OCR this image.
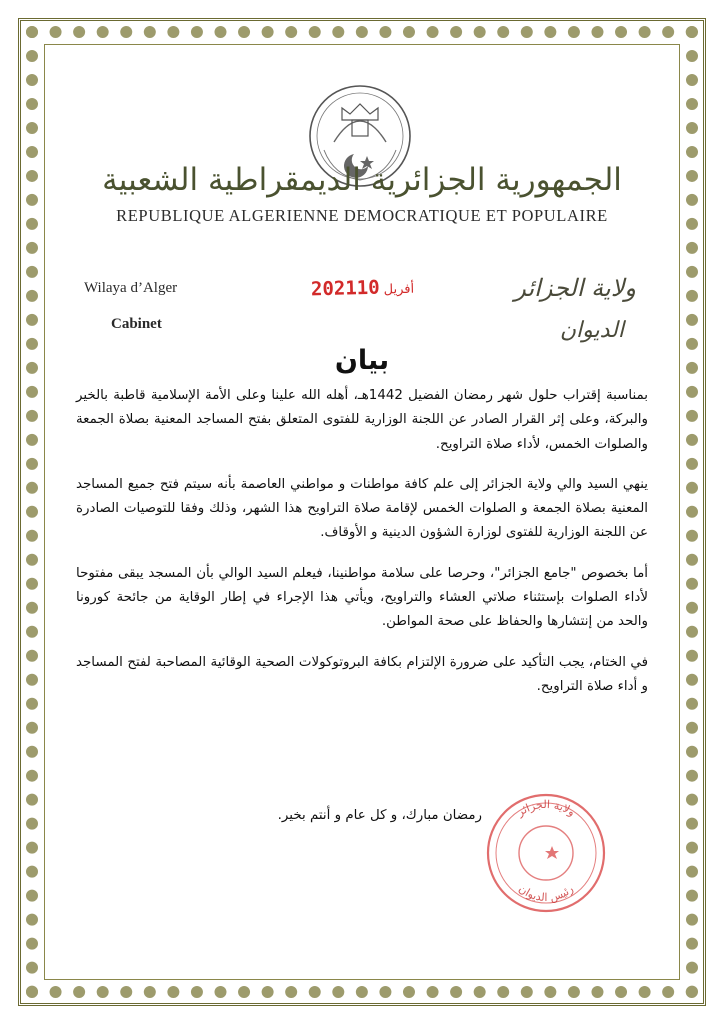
الجمهورية الجزائرية الديمقراطية الشعبية
REPUBLIQUE ALGERIENNE DEMOCRATIQUE ET POPULAIRE
Wilaya d’Alger
Cabinet
2021 أفريل10	ولاية الجزائر
الديوان
بيان

بمناسبة إقتراب حلول شهر رمضان الفضيل 1442هـ، أهله الله علينا وعلى الأمة الإسلامية قاطبة بالخير والبركة، وعلى إثر القرار الصادر عن اللجنة الوزارية للفتوى المتعلق بفتح المساجد المعنية بصلاة الجمعة والصلوات الخمس، لأداء صلاة التراويح.

ينهي السيد والي ولاية الجزائر إلى علم كافة مواطنات و مواطني العاصمة بأنه سيتم فتح جميع المساجد المعنية بصلاة الجمعة و الصلوات الخمس لإقامة صلاة التراويح هذا الشهر، وذلك وفقا للتوصيات الصادرة عن اللجنة الوزارية للفتوى لوزارة الشؤون الدينية و الأوقاف.

أما بخصوص "جامع الجزائر"، وحرصا على سلامة مواطنينا، فيعلم السيد الوالي بأن المسجد يبقى مفتوحا لأداء الصلوات بإستثناء صلاتي العشاء والتراويح، ويأتي هذا الإجراء في إطار الوقاية من جائحة كورونا والحد من إنتشارها والحفاظ على صحة المواطن.

في الختام، يجب التأكيد على ضرورة الإلتزام بكافة البروتوكولات الصحية الوقائية المصاحبة لفتح المساجد و أداء صلاة التراويح.

رمضان مبارك، و كل عام و أنتم بخير.	ولاية الجزائر
رئيس الديوان
